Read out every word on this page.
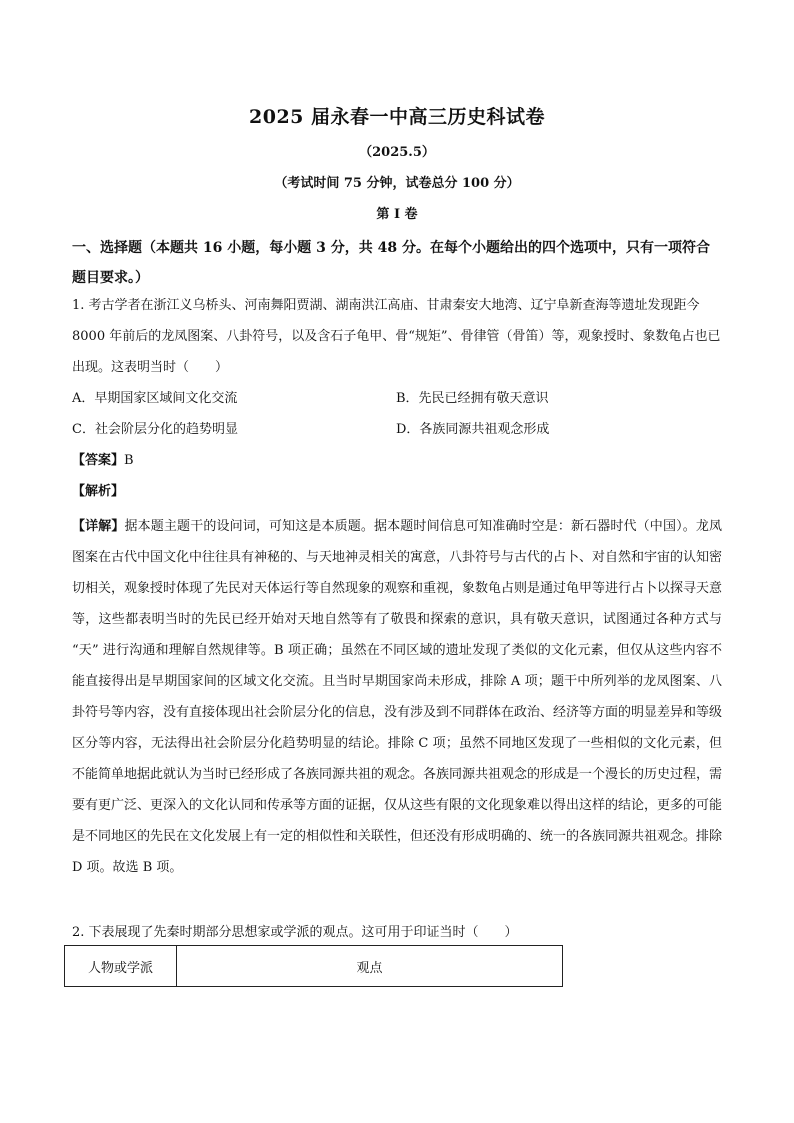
2025 届永春一中高三历史科试卷
（2025.5）
（考试时间 75 分钟，试卷总分 100 分）
第 I 卷
一、选择题（本题共 16 小题，每小题 3 分，共 48 分。在每个小题给出的四个选项中，只有一项符合题目要求。）
1. 考古学者在浙江义乌桥头、河南舞阳贾湖、湖南洪江高庙、甘肃秦安大地湾、辽宁阜新查海等遗址发现距今 8000 年前后的龙凤图案、八卦符号，以及含石子龟甲、骨“规矩”、骨律管（骨笛）等，观象授时、象数龟占也已出现。这表明当时（　　）
A．早期国家区域间文化交流	B．先民已经拥有敬天意识
C．社会阶层分化的趋势明显	D．各族同源共祖观念形成
【答案】B
【解析】
【详解】据本题主题干的设问词，可知这是本质题。据本题时间信息可知准确时空是：新石器时代（中国）。龙凤图案在古代中国文化中往往具有神秘的、与天地神灵相关的寓意，八卦符号与古代的占卜、对自然和宇宙的认知密切相关，观象授时体现了先民对天体运行等自然现象的观察和重视，象数龟占则是通过龟甲等进行占卜以探寻天意等，这些都表明当时的先民已经开始对天地自然等有了敬畏和探索的意识，具有敬天意识，试图通过各种方式与 “天” 进行沟通和理解自然规律等。B 项正确；虽然在不同区域的遗址发现了类似的文化元素，但仅从这些内容不能直接得出是早期国家间的区域文化交流。且当时早期国家尚未形成，排除 A 项；题干中所列举的龙凤图案、八卦符号等内容，没有直接体现出社会阶层分化的信息，没有涉及到不同群体在政治、经济等方面的明显差异和等级区分等内容，无法得出社会阶层分化趋势明显的结论。排除 C 项；虽然不同地区发现了一些相似的文化元素，但不能简单地据此就认为当时已经形成了各族同源共祖的观念。各族同源共祖观念的形成是一个漫长的历史过程，需要有更广泛、更深入的文化认同和传承等方面的证据，仅从这些有限的文化现象难以得出这样的结论，更多的可能是不同地区的先民在文化发展上有一定的相似性和关联性，但还没有形成明确的、统一的各族同源共祖观念。排除 D 项。故选 B 项。
2. 下表展现了先秦时期部分思想家或学派的观点。这可用于印证当时（　　）
人物或学派	观点
